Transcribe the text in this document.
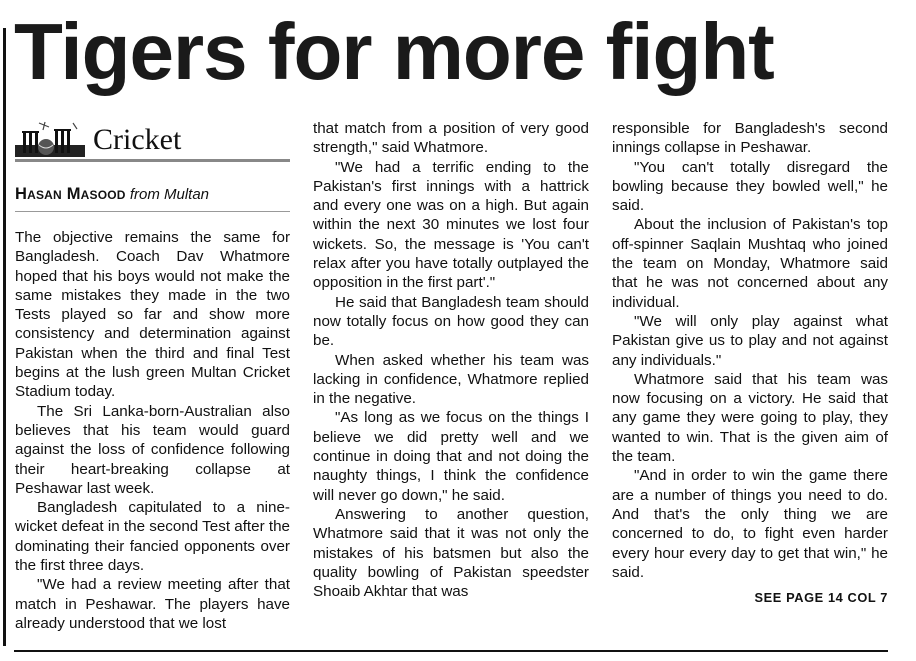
Tigers for more fight
Cricket
Hasan Masood from Multan

The objective remains the same for Bangladesh. Coach Dav Whatmore hoped that his boys would not make the same mistakes they made in the two Tests played so far and show more consistency and determination against Pakistan when the third and final Test begins at the lush green Multan Cricket Stadium today.

The Sri Lanka-born-Australian also believes that his team would guard against the loss of confidence following their heart-breaking collapse at Peshawar last week.

Bangladesh capitulated to a nine-wicket defeat in the second Test after the dominating their fancied opponents over the first three days.

"We had a review meeting after that match in Peshawar. The players have already understood that we lost

that match from a position of very good strength," said Whatmore.

"We had a terrific ending to the Pakistan's first innings with a hattrick and every one was on a high. But again within the next 30 minutes we lost four wickets. So, the message is 'You can't relax after you have totally outplayed the opposition in the first part'."

He said that Bangladesh team should now totally focus on how good they can be.

When asked whether his team was lacking in confidence, Whatmore replied in the negative.

"As long as we focus on the things I believe we did pretty well and we continue in doing that and not doing the naughty things, I think the confidence will never go down," he said.

Answering to another question, Whatmore said that it was not only the mistakes of his batsmen but also the quality bowling of Pakistan speedster Shoaib Akhtar that was

responsible for Bangladesh's second innings collapse in Peshawar.

"You can't totally disregard the bowling because they bowled well," he said.

About the inclusion of Pakistan's top off-spinner Saqlain Mushtaq who joined the team on Monday, Whatmore said that he was not concerned about any individual.

"We will only play against what Pakistan give us to play and not against any individuals."

Whatmore said that his team was now focusing on a victory. He said that any game they were going to play, they wanted to win. That is the given aim of the team.

"And in order to win the game there are a number of things you need to do. And that's the only thing we are concerned to do, to fight even harder every hour every day to get that win," he said.

SEE PAGE 14 COL 7
